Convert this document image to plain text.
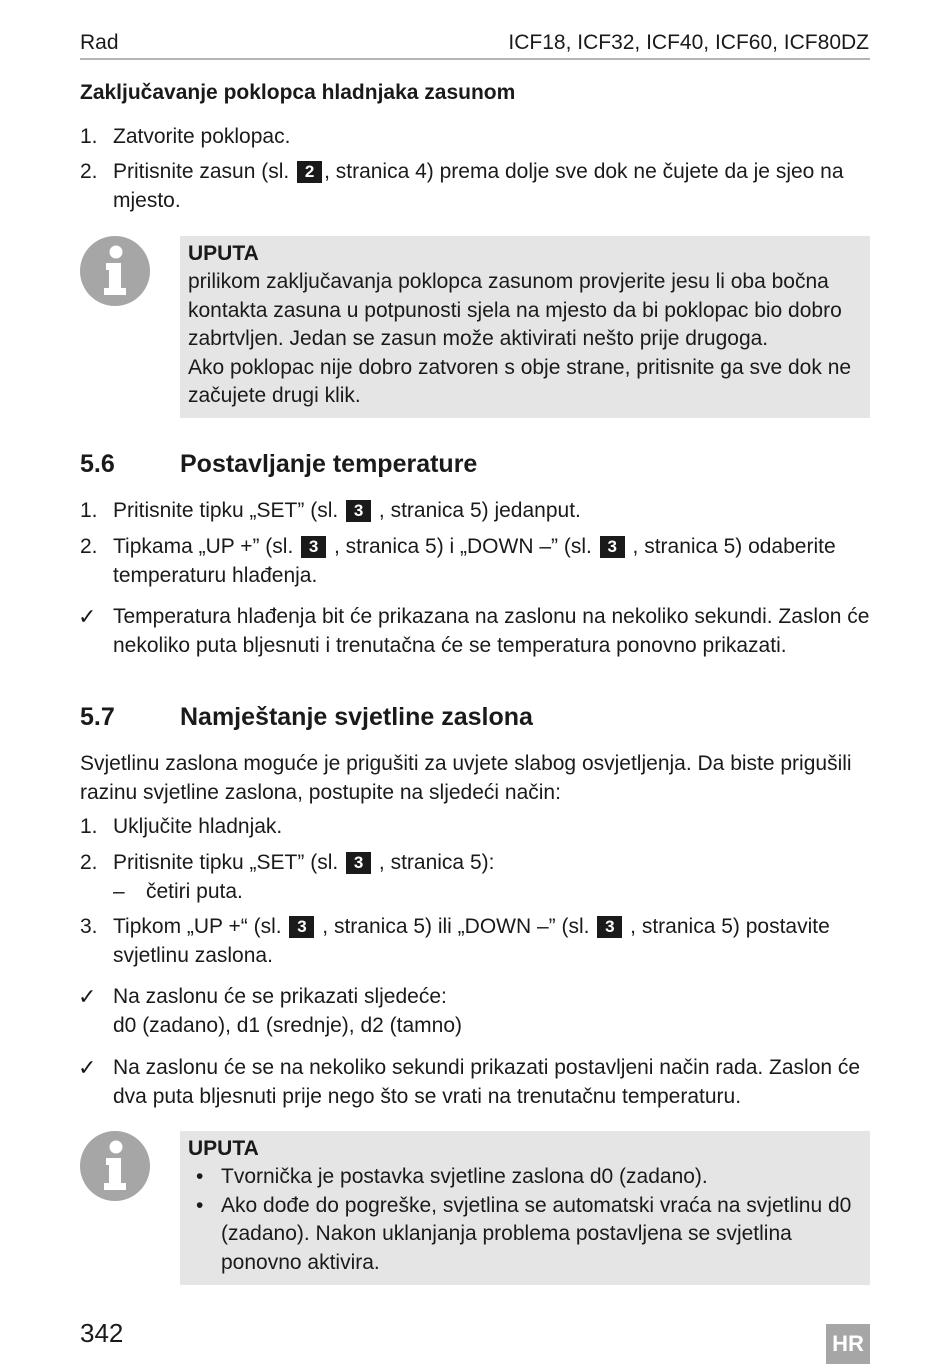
Rad	ICF18, ICF32, ICF40, ICF60, ICF80DZ
Zaključavanje poklopca hladnjaka zasunom
1. Zatvorite poklopac.
2. Pritisnite zasun (sl. 2 , stranica 4) prema dolje sve dok ne čujete da je sjeo na mjesto.
UPUTA
prilikom zaključavanja poklopca zasunom provjerite jesu li oba bočna kontakta zasuna u potpunosti sjela na mjesto da bi poklopac bio dobro zabrtvljen. Jedan se zasun može aktivirati nešto prije drugoga.
Ako poklopac nije dobro zatvoren s obje strane, pritisnite ga sve dok ne začujete drugi klik.
5.6	Postavljanje temperature
1. Pritisnite tipku „SET” (sl. 3 , stranica 5) jedanput.
2. Tipkama „UP +” (sl. 3 , stranica 5) i „DOWN –” (sl. 3 , stranica 5) odaberite temperaturu hlađenja.
✓ Temperatura hlađenja bit će prikazana na zaslonu na nekoliko sekundi. Zaslon će nekoliko puta bljesnuti i trenutačna će se temperatura ponovno prikazati.
5.7	Namještanje svjetline zaslona
Svjetlinu zaslona moguće je prigušiti za uvjete slabog osvjetljenja. Da biste prigušili razinu svjetline zaslona, postupite na sljedeći način:
1. Uključite hladnjak.
2. Pritisnite tipku „SET” (sl. 3 , stranica 5):
– četiri puta.
3. Tipkom „UP +“ (sl. 3 , stranica 5) ili „DOWN –” (sl. 3 , stranica 5) postavite svjetlinu zaslona.
✓ Na zaslonu će se prikazati sljedeće:
d0 (zadano), d1 (srednje), d2 (tamno)
✓ Na zaslonu će se na nekoliko sekundi prikazati postavljeni način rada. Zaslon će dva puta bljesnuti prije nego što se vrati na trenutačnu temperaturu.
UPUTA
• Tvornička je postavka svjetline zaslona d0 (zadano).
• Ako dođe do pogreške, svjetlina se automatski vraća na svjetlinu d0 (zadano). Nakon uklanjanja problema postavljena se svjetlina ponovno aktivira.
342	HR
